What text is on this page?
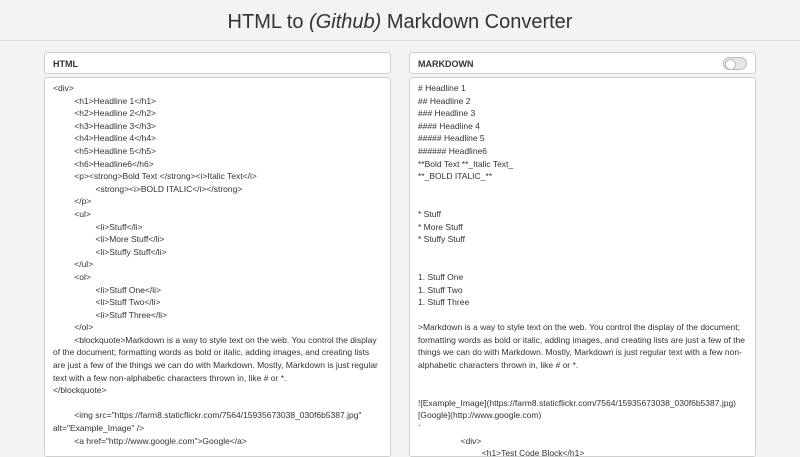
HTML to (Github) Markdown Converter
HTML	MARKDOWN
<div>
<h1>Headline 1</h1>
<h2>Headline 2</h2>
<h3>Headline 3</h3>
<h4>Headline 4</h4>
<h5>Headline 5</h5>
<h6>Headline6</h6>
<p><strong>Bold Text </strong><i>Italic Text</i>
<strong><i>BOLD ITALIC</i></strong>
</p>
<ul>
<li>Stuff</li>
<li>More Stuff</li>
<li>Stuffy Stuff</li>
</ul>
<ol>
<li>Stuff One</li>
<li>Stuff Two</li>
<li>Stuff Three</li>
</ol>
<blockquote>Markdown is a way to style text on the web. You control the display of the document; formatting words as bold or italic, adding images, and creating lists are just a few of the things we can do with Markdown. Mostly, Markdown is just regular text with a few non-alphabetic characters thrown in, like # or *.
</blockquote>
<img src="https://farm8.staticflickr.com/7564/15935673038_030f6b5387.jpg" alt="Example_Image" />
<a href="http://www.google.com">Google</a>
# Headline 1
## Headline 2
### Headline 3
#### Headline 4
##### Headline 5
###### Headline6
**Bold Text **_Italic Text_
**_BOLD ITALIC_**
* Stuff
* More Stuff
* Stuffy Stuff
1. Stuff One
1. Stuff Two
1. Stuff Three
>Markdown is a way to style text on the web. You control the display of the document; formatting words as bold or italic, adding images, and creating lists are just a few of the things we can do with Markdown. Mostly, Markdown is just regular text with a few non-alphabetic characters thrown in, like # or *.
![Example_Image](https://farm8.staticflickr.com/7564/15935673038_030f6b5387.jpg)[Google](http://www.google.com)
`
<div>
<h1>Test Code Block</h1>
